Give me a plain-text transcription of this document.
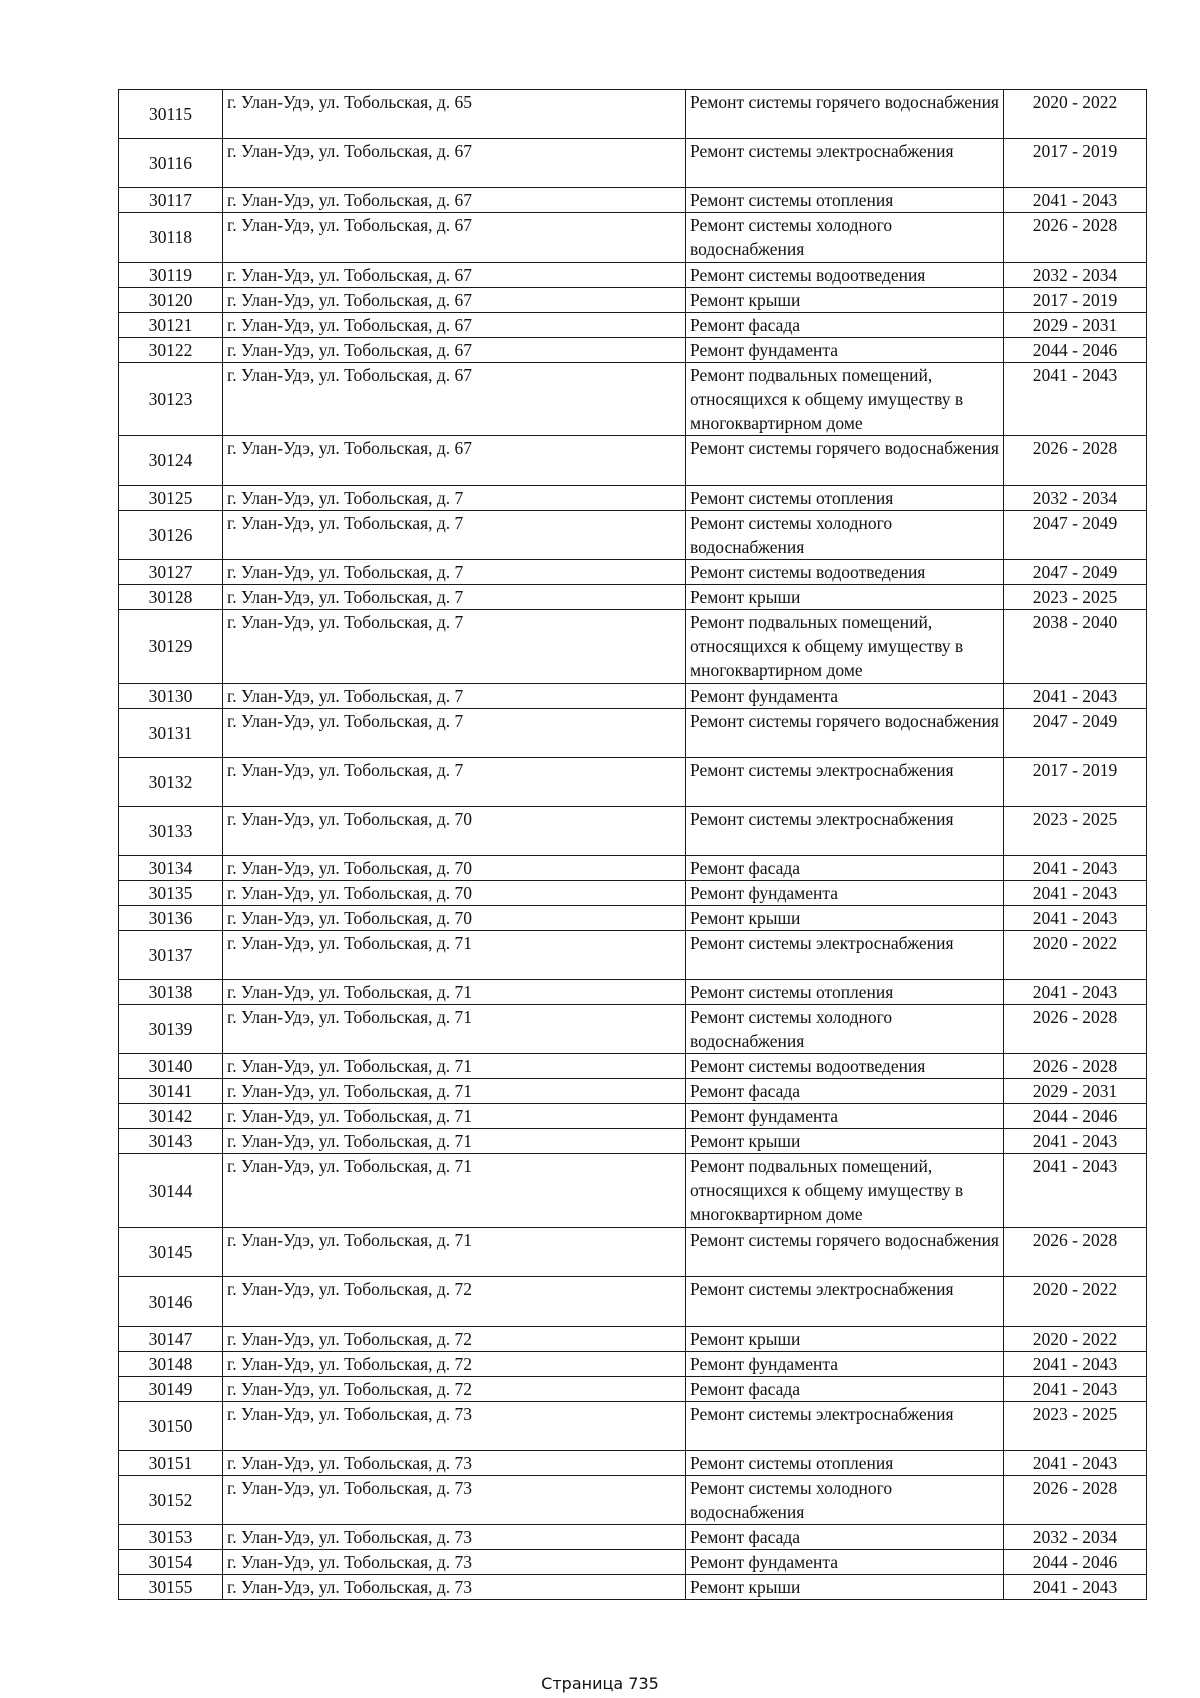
30115	г. Улан-Удэ, ул. Тобольская, д. 65	Ремонт системы горячего водоснабжения	2020 - 2022
30116	г. Улан-Удэ, ул. Тобольская, д. 67	Ремонт системы электроснабжения	2017 - 2019
30117	г. Улан-Удэ, ул. Тобольская, д. 67	Ремонт системы отопления	2041 - 2043
30118	г. Улан-Удэ, ул. Тобольская, д. 67	Ремонт системы холодного водоснабжения	2026 - 2028
30119	г. Улан-Удэ, ул. Тобольская, д. 67	Ремонт системы водоотведения	2032 - 2034
30120	г. Улан-Удэ, ул. Тобольская, д. 67	Ремонт крыши	2017 - 2019
30121	г. Улан-Удэ, ул. Тобольская, д. 67	Ремонт фасада	2029 - 2031
30122	г. Улан-Удэ, ул. Тобольская, д. 67	Ремонт фундамента	2044 - 2046
30123	г. Улан-Удэ, ул. Тобольская, д. 67	Ремонт подвальных помещений, относящихся к общему имуществу в многоквартирном доме	2041 - 2043
30124	г. Улан-Удэ, ул. Тобольская, д. 67	Ремонт системы горячего водоснабжения	2026 - 2028
30125	г. Улан-Удэ, ул. Тобольская, д. 7	Ремонт системы отопления	2032 - 2034
30126	г. Улан-Удэ, ул. Тобольская, д. 7	Ремонт системы холодного водоснабжения	2047 - 2049
30127	г. Улан-Удэ, ул. Тобольская, д. 7	Ремонт системы водоотведения	2047 - 2049
30128	г. Улан-Удэ, ул. Тобольская, д. 7	Ремонт крыши	2023 - 2025
30129	г. Улан-Удэ, ул. Тобольская, д. 7	Ремонт подвальных помещений, относящихся к общему имуществу в многоквартирном доме	2038 - 2040
30130	г. Улан-Удэ, ул. Тобольская, д. 7	Ремонт фундамента	2041 - 2043
30131	г. Улан-Удэ, ул. Тобольская, д. 7	Ремонт системы горячего водоснабжения	2047 - 2049
30132	г. Улан-Удэ, ул. Тобольская, д. 7	Ремонт системы электроснабжения	2017 - 2019
30133	г. Улан-Удэ, ул. Тобольская, д. 70	Ремонт системы электроснабжения	2023 - 2025
30134	г. Улан-Удэ, ул. Тобольская, д. 70	Ремонт фасада	2041 - 2043
30135	г. Улан-Удэ, ул. Тобольская, д. 70	Ремонт фундамента	2041 - 2043
30136	г. Улан-Удэ, ул. Тобольская, д. 70	Ремонт крыши	2041 - 2043
30137	г. Улан-Удэ, ул. Тобольская, д. 71	Ремонт системы электроснабжения	2020 - 2022
30138	г. Улан-Удэ, ул. Тобольская, д. 71	Ремонт системы отопления	2041 - 2043
30139	г. Улан-Удэ, ул. Тобольская, д. 71	Ремонт системы холодного водоснабжения	2026 - 2028
30140	г. Улан-Удэ, ул. Тобольская, д. 71	Ремонт системы водоотведения	2026 - 2028
30141	г. Улан-Удэ, ул. Тобольская, д. 71	Ремонт фасада	2029 - 2031
30142	г. Улан-Удэ, ул. Тобольская, д. 71	Ремонт фундамента	2044 - 2046
30143	г. Улан-Удэ, ул. Тобольская, д. 71	Ремонт крыши	2041 - 2043
30144	г. Улан-Удэ, ул. Тобольская, д. 71	Ремонт подвальных помещений, относящихся к общему имуществу в многоквартирном доме	2041 - 2043
30145	г. Улан-Удэ, ул. Тобольская, д. 71	Ремонт системы горячего водоснабжения	2026 - 2028
30146	г. Улан-Удэ, ул. Тобольская, д. 72	Ремонт системы электроснабжения	2020 - 2022
30147	г. Улан-Удэ, ул. Тобольская, д. 72	Ремонт крыши	2020 - 2022
30148	г. Улан-Удэ, ул. Тобольская, д. 72	Ремонт фундамента	2041 - 2043
30149	г. Улан-Удэ, ул. Тобольская, д. 72	Ремонт фасада	2041 - 2043
30150	г. Улан-Удэ, ул. Тобольская, д. 73	Ремонт системы электроснабжения	2023 - 2025
30151	г. Улан-Удэ, ул. Тобольская, д. 73	Ремонт системы отопления	2041 - 2043
30152	г. Улан-Удэ, ул. Тобольская, д. 73	Ремонт системы холодного водоснабжения	2026 - 2028
30153	г. Улан-Удэ, ул. Тобольская, д. 73	Ремонт фасада	2032 - 2034
30154	г. Улан-Удэ, ул. Тобольская, д. 73	Ремонт фундамента	2044 - 2046
30155	г. Улан-Удэ, ул. Тобольская, д. 73	Ремонт крыши	2041 - 2043
Страница 735
